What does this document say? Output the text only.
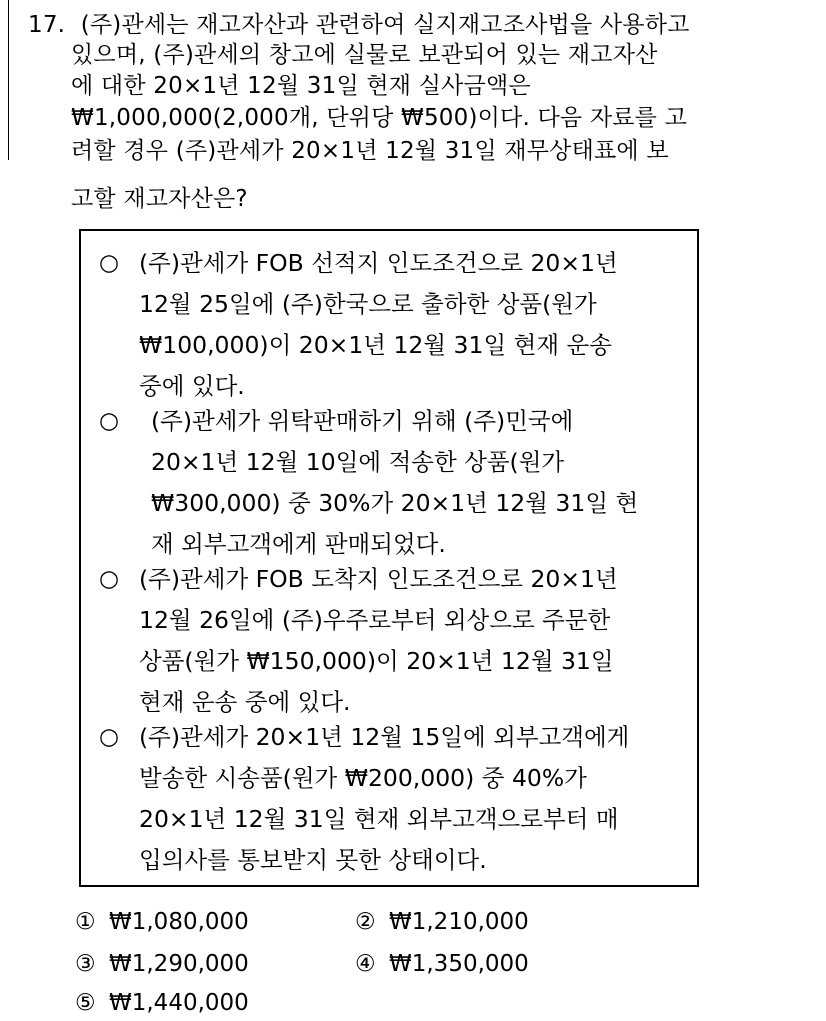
17. (주)관세는 재고자산과 관련하여 실지재고조사법을 사용하고
있으며, (주)관세의 창고에 실물로 보관되어 있는 재고자산
에 대한 20×1년 12월 31일 현재 실사금액은
₩1,000,000(2,000개, 단위당 ₩500)이다. 다음 자료를 고
려할 경우 (주)관세가 20×1년 12월 31일 재무상태표에 보
고할 재고자산은?
○ (주)관세가 FOB 선적지 인도조건으로 20×1년
12월 25일에 (주)한국으로 출하한 상품(원가
₩100,000)이 20×1년 12월 31일 현재 운송
중에 있다.
○ (주)관세가 위탁판매하기 위해 (주)민국에
20×1년 12월 10일에 적송한 상품(원가
₩300,000) 중 30%가 20×1년 12월 31일 현
재 외부고객에게 판매되었다.
○ (주)관세가 FOB 도착지 인도조건으로 20×1년
12월 26일에 (주)우주로부터 외상으로 주문한
상품(원가 ₩150,000)이 20×1년 12월 31일
현재 운송 중에 있다.
○ (주)관세가 20×1년 12월 15일에 외부고객에게
발송한 시송품(원가 ₩200,000) 중 40%가
20×1년 12월 31일 현재 외부고객으로부터 매
입의사를 통보받지 못한 상태이다.
① ₩1,080,000	② ₩1,210,000
③ ₩1,290,000	④ ₩1,350,000
⑤ ₩1,440,000
